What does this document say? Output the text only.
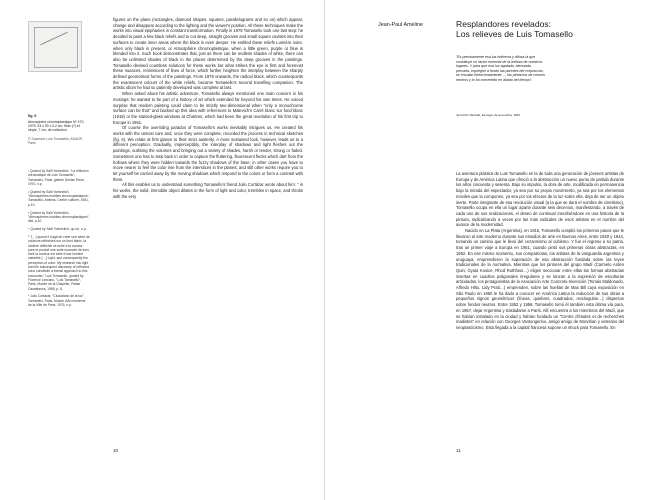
fig. 6
Atmosphère chromoplastique Nº 470, 1979, 33 x 33 x 5,2 cm. Bois (?) et vinyle, 7 cm, de collection.
© Sucesión Luis Tomasello, ADAGP, Paris

¹ Quoted by Saïli Yorkevitch, "La réflexion chromatique de Luis Tomasello", Tomasello, Paris, galerie Denise René, 1970, n.p.

² Quoted by Saïli Yorkevitch, "Atmosphères mobiles chromoplastiques", Tomasello, Amiens, Centre culturel, 1981, p.10.

³ Quoted by Saïli Yorkevitch, "Atmosphères mobiles chromoplastiques", ibid, p.10.

⁴ Quoted by Saïli Yorkevitch, op.cit., n.p.

⁵ "[…] quand il s'agit de créer une série de couleurs réfléchies sur un fond blanc, la lumière réfléchie se mêle à la couleur pure et produit une suite nuancée de tons dont la couleur est celle d'une lumière naturelle […] Light, and consequently the perception of color: My research into light and the subsequent discovery of reflected color constitute a formal approach to this encounter." Luis Tomasello, quoted by Florence Lezcano, "Luis Tomasello", Paris, Musée de la Chapelle, Palais Casablanca, 1985, p. 8.

⁶ Julio Cortázar, "Ciudadano de la luz", Tomasello, Paris, Musée d'Art moderne de la Ville de Paris, 1976, n.p.

figures on the plane (rectangles, diamond shapes, squares, parallelograms and so on) which appear, change and disappear according to the lighting and the viewer's position. All these techniques make the works into visual epiphanies in constant transformation. Finally in 1979 Tomasello took one last step: he decided to paint a few black reliefs and to cut deep, straight grooves and small square cavities into their surfaces to create inner areas where the black is even deeper. He entitled these reliefs Lumière noire, when only black is present, or Atmosphère chromoplastique, when a little green, purple or blue is blended into it. Such book demonstrates that, just as there can be endless shades of white, there can also be unlimited shades of black in the places determined by the deep grooves in the paintings. Tomasello devised countless solutions for these works but what strikes the eye is first and foremost these nuances, reminiscent of lines of force, which further heighten the interplay between the sharply defined geometrical forms of the paintings. From 1979 onwards, the radical black, which counterpoints the evanescent colours of the white reliefs, became Tomasello's second travelling companion. The artistic idiom he had so patiently developed was complete at last.

When asked about his artistic adventure, Tomasello always mentioned one main concern in his musings: he wanted to be part of a history of art which extended far beyond his own times. He voiced surprise that modern painting could claim to be strictly two-dimensional when "only a monochrome surface can be that" and backed up this idea with references to Malevich's Carré blanc sur fond blanc (1918) or the stained-glass windows at Chartres, which had been the great revelation of his first trip to Europe in 1951.

Of course the overriding paradox of Tomasello's works inevitably intrigues us. He created his works with the utmost care and, once they were complete, recorded the process in technical sketches (fig. 6). We relate at first glance to their strict austerity. A more sustained look, however, leads us to a different perception. Gradually, imperceptibly, the interplay of shadows and light fleshes out the paintings, outlining the volumes and bringing out a variety of shades, harsh or tender, strong or faded. Sometimes one has to step back in order to capture the fluttering, fluorescent flecks which dart from the hollows where they were hidden towards the fuzzy shadows of the base; in other cases you have to move nearer to feel the color rise from the interstices in the planes; and still other works require you to let yourself be carried away by the moving shadows which respond to the colors or form a contrast with them.

All this enables us to understand something Tomasello's friend Julio Cortázar wrote about him: " in his works, the solid, immobile object dilates in the form of light and color, trembles in space, and throbs with the very

10
Jean-Paul Ameline	Resplandores revelados:
Los relieves de Luis Tomasello
"Es precisamente esa luz indirecta y difusa la que constituye un factor esencial de la belleza de nuestros lugares. Y para que esa luz agotada, atenuada, precaria, impregne a fondo las paredes del crepúsculo, se encalan intencionalmente…, las pintamos de colores neutros y lo ha convertido en aliado del tiempo".
Jun'ichirō Tanizaki, El elogio de la sombra, 1933

La aventura plástica de Luis Tomasello es la de toda una generación de jóvenes artistas de Europa y de América Latina que ofreció a la abstracción un nuevo punto de partida durante los años cincuenta y sesenta. Bajo su impulso, la obra de arte, modificada en permanencia bajo la mirada del espectador, ya sea por su propio movimiento, ya sea por los elementos móviles que la componen, ya sea por los efectos de la luz sobre ella, deja de ser un objeto inerte. Parte integrante de esa revolución visual (a la que se dará el nombre de cinetismo), Tomasello ocupa en ella un lugar aparte durante seis decenios, manifestando, a través de cada uno de sus realizaciones, el deseo de continuar inscribiéndose en una historia de la pintura, radicalizando a veces por las más radicales de esos artistas en el nombre del avance de la modernidad.

Nacido en La Plata (Argentina), en 1915, Tomasello cumplió los primeros pasos que le llevaron al arte moderno durante sus estudios de arte en Buenos Aires, entre 1940 y 1944, tomando un camino que le llevó del cezannismo al cubismo. Y fue el regreso a su patria, tras un primer viaje a Europa en 1951, cuando pintó sus primeras obras abstractas, en 1952. En ese mismo momento, sus compatriotas, los artistas de la vanguardia argentina y uruguaya, emprendieron la superación de esa abstracción fundada sobre las leyes tradicionales de la normativa. Mientras que los pintores del grupo Madí (Carmelo Arden Quin, Gyula Kosice, Rhod Rothfuss…) eligen seccionar entre ellas las formas abstractas insertas en cuadros poligonales irregulares y se lanzan a la expresión de esculturas articuladas, los protagonistas de la Asociación Arte Concreto-Invención (Tomás Maldonado, Alfredo Hlito, Lidy Prati…) emprenden, sobre las huellas de Max Bill cuya exposición en São Paulo en 1950 le ha dado a conocer en América Latina la reducción de sus obras a pequeños signos geométricos (líneas, quiebres, cuadrados, rectángulos…) dispersos sobre fondos neutros. Entre 1952 y 1956, Tomasello tomó él también esta última vía para, en 1957, dejar Argentina y trasladarse a París. Allí encuentra a los miembros del Madí, que se habían instalado en la ciudad y habían fundado un "Centre d'études et de recherches madistes" en relación con Georges Vantongerloo, amigo amigo de Mondrian y veterano del neoplasticismo. Esta llegada a la capital francesa supone un shock para Tomasello. En

11
